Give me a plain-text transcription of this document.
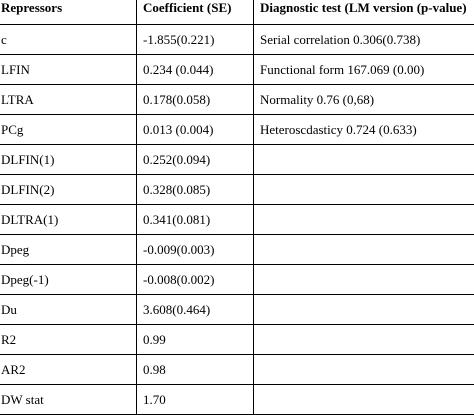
Repressors	Coefficient (SE)	Diagnostic test (LM version (p-value)
c	-1.855(0.221)	Serial correlation 0.306(0.738)
LFIN	0.234 (0.044)	Functional form 167.069 (0.00)
LTRA	0.178(0.058)	Normality 0.76 (0,68)
PCg	0.013 (0.004)	Heteroscdasticy 0.724 (0.633)
DLFIN(1)	0.252(0.094)	
DLFIN(2)	0.328(0.085)	
DLTRA(1)	0.341(0.081)	
Dpeg	-0.009(0.003)	
Dpeg(-1)	-0.008(0.002)	
Du	3.608(0.464)	
R2	0.99	
AR2	0.98	
DW stat	1.70	
